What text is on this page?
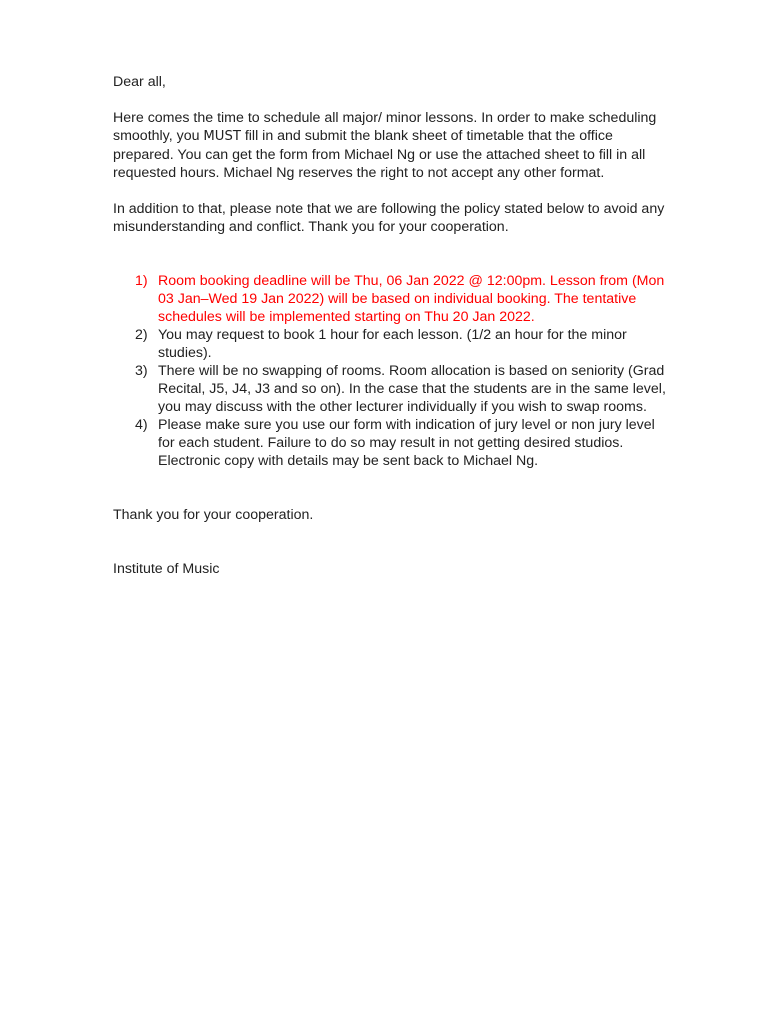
Dear all,

Here comes the time to schedule all major/ minor lessons. In order to make scheduling smoothly, you MUST fill in and submit the blank sheet of timetable that the office prepared. You can get the form from Michael Ng or use the attached sheet to fill in all requested hours. Michael Ng reserves the right to not accept any other format.

In addition to that, please note that we are following the policy stated below to avoid any misunderstanding and conflict. Thank you for your cooperation.

1) Room booking deadline will be Thu, 06 Jan 2022 @ 12:00pm. Lesson from (Mon 03 Jan–Wed 19 Jan 2022) will be based on individual booking. The tentative schedules will be implemented starting on Thu 20 Jan 2022.
2) You may request to book 1 hour for each lesson. (1/2 an hour for the minor studies).
3) There will be no swapping of rooms. Room allocation is based on seniority (Grad Recital, J5, J4, J3 and so on). In the case that the students are in the same level, you may discuss with the other lecturer individually if you wish to swap rooms.
4) Please make sure you use our form with indication of jury level or non jury level for each student. Failure to do so may result in not getting desired studios. Electronic copy with details may be sent back to Michael Ng.

Thank you for your cooperation.

Institute of Music
